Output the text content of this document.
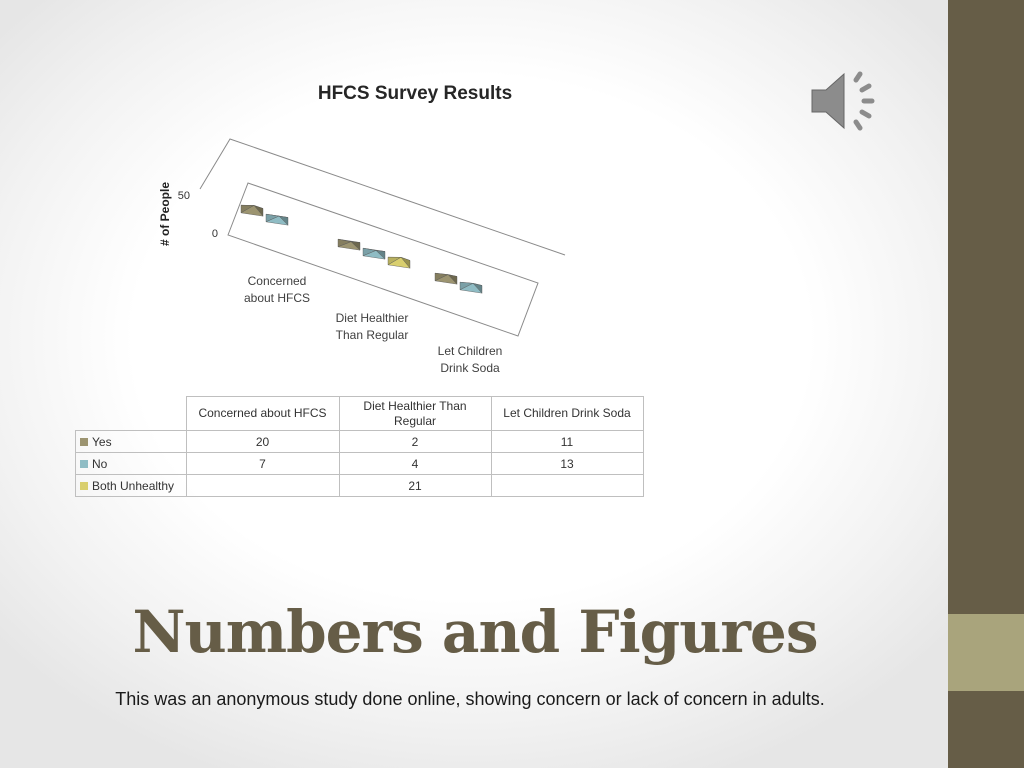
HFCS Survey Results
# of People 50
0
Concerned
about HFCS
Diet Healthier
Than Regular
Let Children
Drink Soda
	Concerned about HFCS	Diet Healthier Than
Regular	Let Children Drink Soda
Yes	20	2	11
No	7	4	13
Both Unhealthy		21	
Numbers and Figures
This was an anonymous study done online, showing concern or lack of concern in adults.
